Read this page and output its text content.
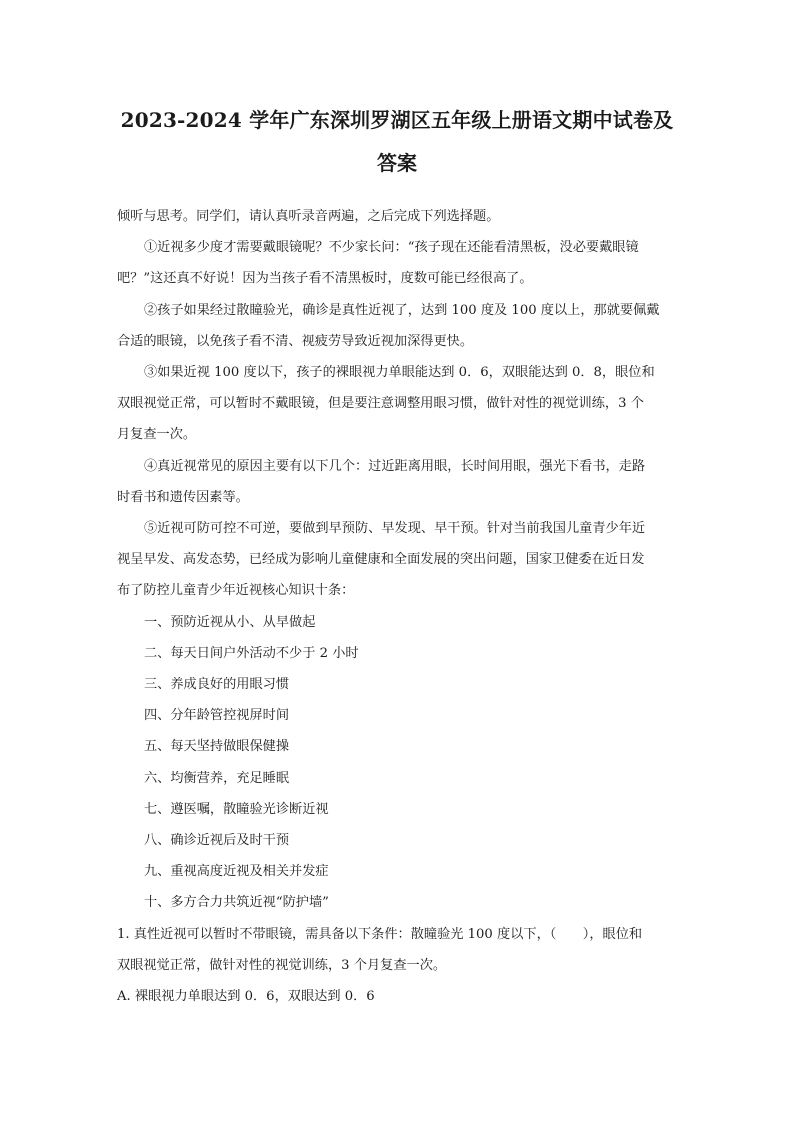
2023-2024 学年广东深圳罗湖区五年级上册语文期中试卷及
答案

倾听与思考。同学们，请认真听录音两遍，之后完成下列选择题。

①近视多少度才需要戴眼镜呢？不少家长问：“孩子现在还能看清黑板，没必要戴眼镜
吧？”这还真不好说！因为当孩子看不清黑板时，度数可能已经很高了。

②孩子如果经过散瞳验光，确诊是真性近视了，达到 100 度及 100 度以上，那就要佩戴
合适的眼镜，以免孩子看不清、视疲劳导致近视加深得更快。

③如果近视 100 度以下，孩子的裸眼视力单眼能达到 0．6，双眼能达到 0．8，眼位和
双眼视觉正常，可以暂时不戴眼镜，但是要注意调整用眼习惯，做针对性的视觉训练，3 个
月复查一次。

④真近视常见的原因主要有以下几个：过近距离用眼，长时间用眼，强光下看书，走路
时看书和遗传因素等。

⑤近视可防可控不可逆，要做到早预防、早发现、早干预。针对当前我国儿童青少年近
视呈早发、高发态势，已经成为影响儿童健康和全面发展的突出问题，国家卫健委在近日发
布了防控儿童青少年近视核心知识十条：

一、预防近视从小、从早做起

二、每天日间户外活动不少于 2 小时

三、养成良好的用眼习惯

四、分年龄管控视屏时间

五、每天坚持做眼保健操

六、均衡营养，充足睡眠

七、遵医嘱，散瞳验光诊断近视

八、确诊近视后及时干预

九、重视高度近视及相关并发症

十、多方合力共筑近视“防护墙”

1. 真性近视可以暂时不带眼镜，需具备以下条件：散瞳验光 100 度以下，（　　），眼位和
双眼视觉正常，做针对性的视觉训练，3 个月复查一次。

A. 裸眼视力单眼达到 0．6，双眼达到 0．6
